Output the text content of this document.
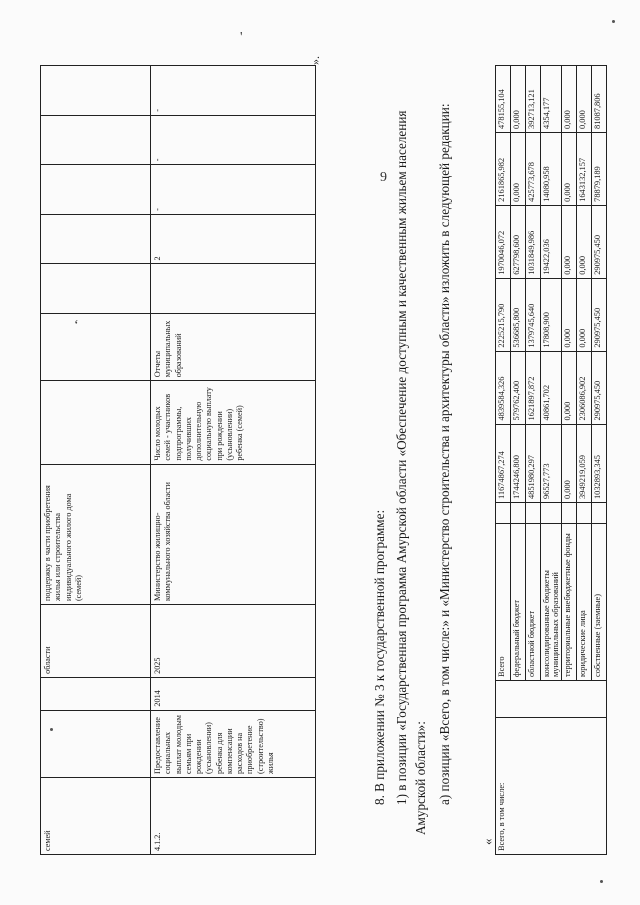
ʻ
'
9
семей			области	поддержку в части приобретения жилья или строительства индивидуального жилого дома (семей)							
4.1.2.	Предоставление социальных выплат молодым семьям при рождении (усыновлении) ребенка для компенсации расходов на приобретение (строительство) жилья	2014	2025	Министерство жилищно-коммунального хозяйства области	Число молодых семей - участников подпрограммы, получивших дополнительную социальную выплату при рождении (усыновлении) ребенка (семей)	Отчеты муниципальных образований		2	-	-	-
».
8. В приложении № 3 к государственной программе: 1) в позиции «Государственная программа Амурской области «Обеспечение доступным и качественным жильем населения Амурской области»: а) позиции «Всего, в том числе:» и «Министерство строительства и архитектуры области» изложить в следующей редакции:
« Всего, в том числе:		Всего		11674867,274	4839584,326	2225215,790	1970046,072	2161865,982	478155,104
		федеральный бюджет		1744246,800	579762,400	536685,800	627798,600	0,000	0,000
		областной бюджет		4851980,297	1621897,872	1379745,640	1031849,986	425773,678	392713,121
		консолидированные бюджеты муниципальных образований		96527,773	40861,702	17808,900	19422,036	14080,958	4354,177
		территориальные внебюджетные фонды		0,000	0,000	0,000	0,000	0,000	0,000
		юридические лица		3949219,059	2306086,902	0,000	0,000	1643132,157	0,000
		собственные (заемные)		1032893,345	290975,450	290975,450	290975,450	78879,189	81087,806
